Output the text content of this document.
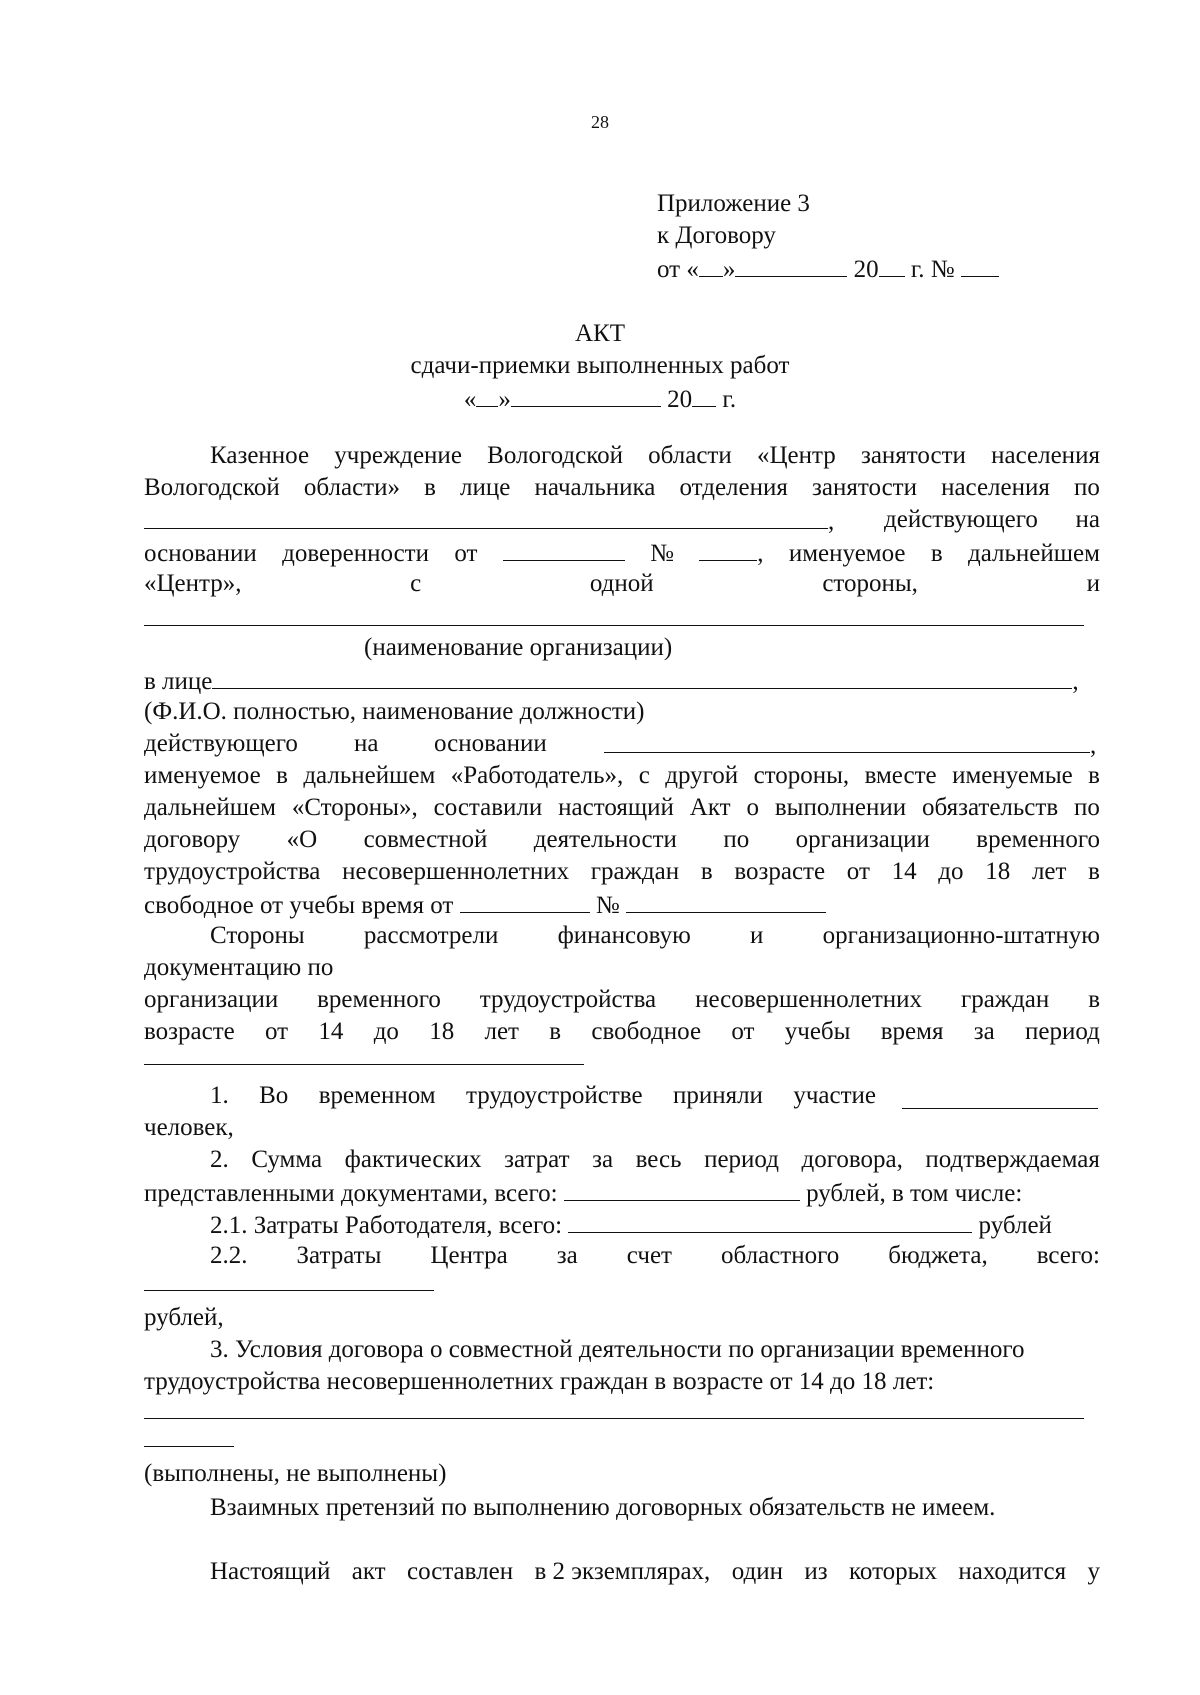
28
Приложение 3
к Договору
от « »	20 г. №
АКТ
сдачи-приемки выполненных работ
« »	20 г.
Казенное учреждение Вологодской области «Центр занятости населения
Вологодской области» в лице начальника отделения занятости населения по
, действующего на
основании доверенности от	№	, именуемое в дальнейшем
«Центр»,	с	одной	стороны,	и
(наименование организации)
в лице	,
(Ф.И.О. полностью, наименование должности)
действующего на основании	,
именуемое в дальнейшем «Работодатель», с другой стороны, вместе именуемые в
дальнейшем «Стороны», составили настоящий Акт о выполнении обязательств по
договору «О совместной деятельности по организации временного
трудоустройства несовершеннолетних граждан в возрасте от 14 до 18 лет в
свободное от учебы время от	№
Стороны рассмотрели финансовую и организационно-штатную
документацию по
организации временного трудоустройства несовершеннолетних граждан в
возрасте от 14 до 18 лет в свободное от учебы время за период
1. Во временном трудоустройстве приняли участие
человек,
2. Сумма фактических затрат за весь период договора, подтверждаемая
представленными документами, всего:	рублей, в том числе:
2.1. Затраты Работодателя, всего:	рублей
2.2. Затраты Центра за счет областного бюджета, всего:
рублей,
3. Условия договора о совместной деятельности по организации временного
трудоустройства несовершеннолетних граждан в возрасте от 14 до 18 лет:
(выполнены, не выполнены)
Взаимных претензий по выполнению договорных обязательств не имеем.
Настоящий акт составлен в 2 экземплярах, один из которых находится у
